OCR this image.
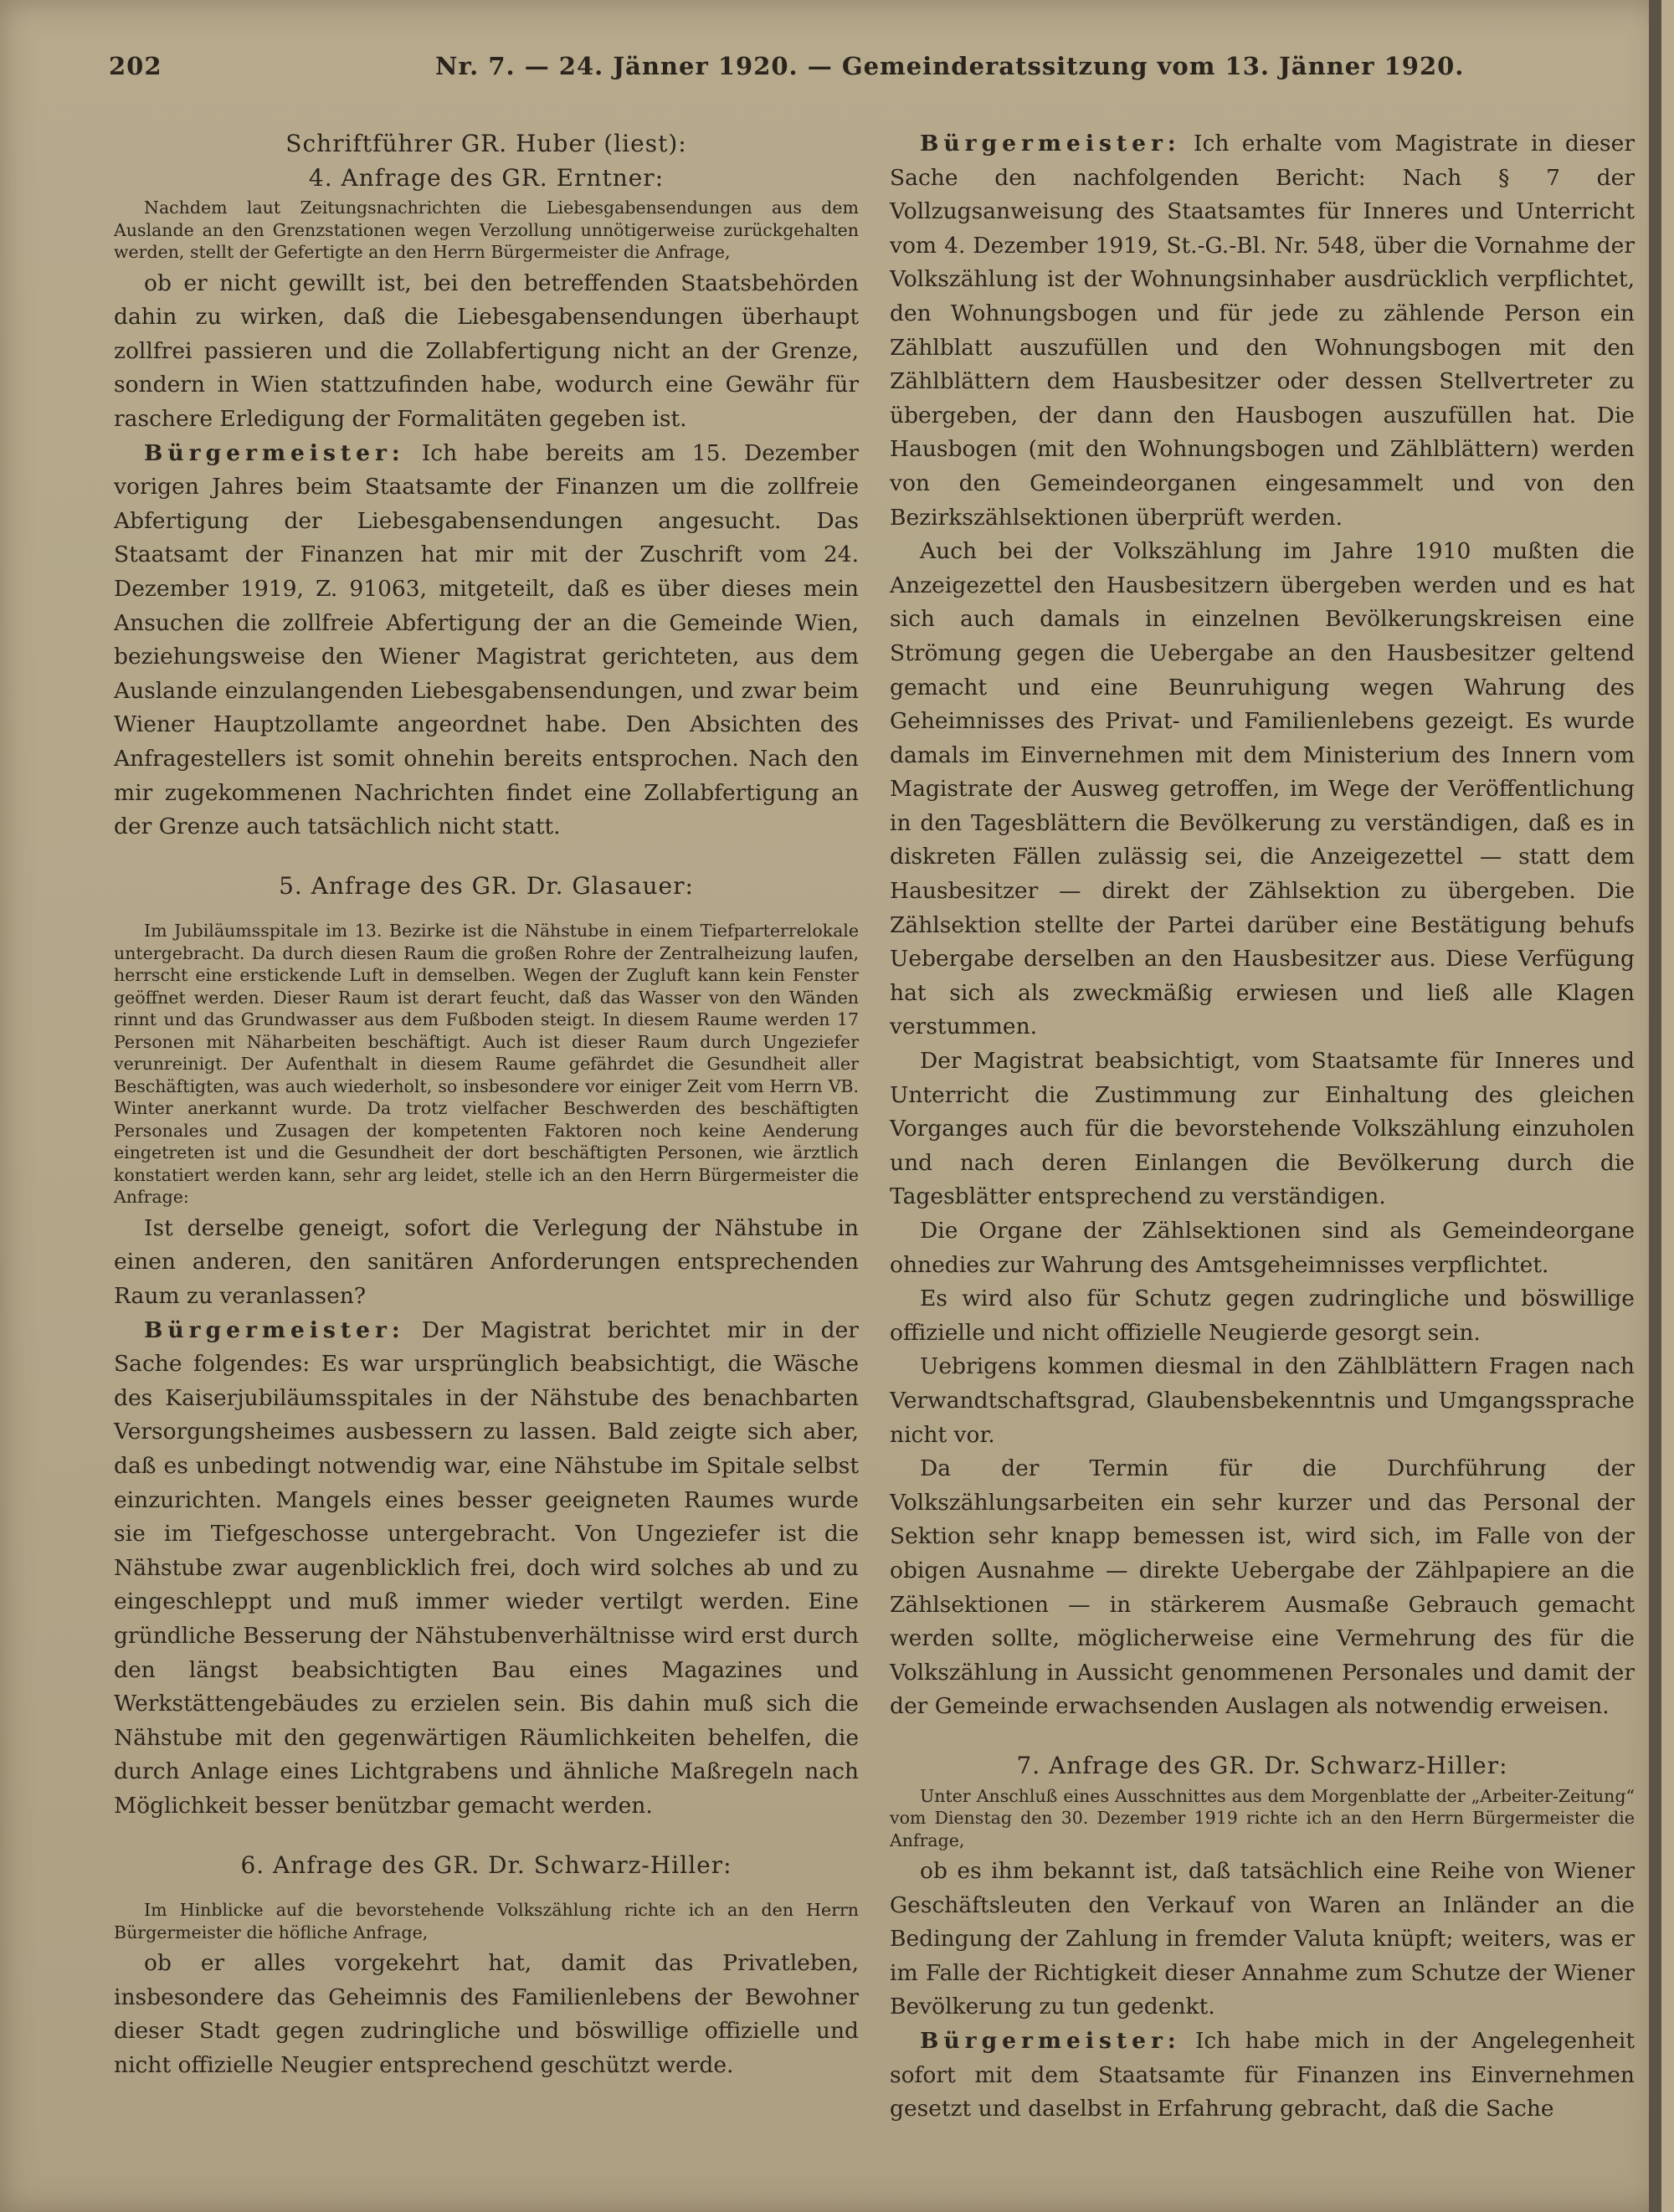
202	Nr. 7. — 24. Jänner 1920. — Gemeinderatssitzung vom 13. Jänner 1920.

Schriftführer GR. Huber (liest):

4. Anfrage des GR. Erntner:

Nachdem laut Zeitungsnachrichten die Liebesgabensendungen aus dem Auslande an den Grenzstationen wegen Verzollung unnötigerweise zurückgehalten werden, stellt der Gefertigte an den Herrn Bürgermeister die Anfrage,

ob er nicht gewillt ist, bei den betreffenden Staatsbehörden dahin zu wirken, daß die Liebesgabensendungen überhaupt zollfrei passieren und die Zollabfertigung nicht an der Grenze, sondern in Wien stattzufinden habe, wodurch eine Gewähr für raschere Erledigung der Formalitäten gegeben ist.

Bürgermeister: Ich habe bereits am 15. Dezember vorigen Jahres beim Staatsamte der Finanzen um die zollfreie Abfertigung der Liebesgabensendungen angesucht. Das Staatsamt der Finanzen hat mir mit der Zuschrift vom 24. Dezember 1919, Z. 91063, mitgeteilt, daß es über dieses mein Ansuchen die zollfreie Abfertigung der an die Gemeinde Wien, beziehungsweise den Wiener Magistrat gerichteten, aus dem Auslande einzulangenden Liebesgabensendungen, und zwar beim Wiener Hauptzollamte angeordnet habe. Den Absichten des Anfragestellers ist somit ohnehin bereits entsprochen. Nach den mir zugekommenen Nachrichten findet eine Zollabfertigung an der Grenze auch tatsächlich nicht statt.

5. Anfrage des GR. Dr. Glasauer:

Im Jubiläumsspitale im 13. Bezirke ist die Nähstube in einem Tiefparterrelokale untergebracht. Da durch diesen Raum die großen Rohre der Zentralheizung laufen, herrscht eine erstickende Luft in demselben. Wegen der Zugluft kann kein Fenster geöffnet werden. Dieser Raum ist derart feucht, daß das Wasser von den Wänden rinnt und das Grundwasser aus dem Fußboden steigt. In diesem Raume werden 17 Personen mit Näharbeiten beschäftigt. Auch ist dieser Raum durch Ungeziefer verunreinigt. Der Aufenthalt in diesem Raume gefährdet die Gesundheit aller Beschäftigten, was auch wiederholt, so insbesondere vor einiger Zeit vom Herrn VB. Winter anerkannt wurde. Da trotz vielfacher Beschwerden des beschäftigten Personales und Zusagen der kompetenten Faktoren noch keine Aenderung eingetreten ist und die Gesundheit der dort beschäftigten Personen, wie ärztlich konstatiert werden kann, sehr arg leidet, stelle ich an den Herrn Bürgermeister die Anfrage:

Ist derselbe geneigt, sofort die Verlegung der Nähstube in einen anderen, den sanitären Anforderungen entsprechenden Raum zu veranlassen?

Bürgermeister: Der Magistrat berichtet mir in der Sache folgendes: Es war ursprünglich beabsichtigt, die Wäsche des Kaiserjubiläumsspitales in der Nähstube des benachbarten Versorgungsheimes ausbessern zu lassen. Bald zeigte sich aber, daß es unbedingt notwendig war, eine Nähstube im Spitale selbst einzurichten. Mangels eines besser geeigneten Raumes wurde sie im Tiefgeschosse untergebracht. Von Ungeziefer ist die Nähstube zwar augenblicklich frei, doch wird solches ab und zu eingeschleppt und muß immer wieder vertilgt werden. Eine gründliche Besserung der Nähstubenverhältnisse wird erst durch den längst beabsichtigten Bau eines Magazines und Werkstättengebäudes zu erzielen sein. Bis dahin muß sich die Nähstube mit den gegenwärtigen Räumlichkeiten behelfen, die durch Anlage eines Lichtgrabens und ähnliche Maßregeln nach Möglichkeit besser benützbar gemacht werden.

6. Anfrage des GR. Dr. Schwarz-Hiller:

Im Hinblicke auf die bevorstehende Volkszählung richte ich an den Herrn Bürgermeister die höfliche Anfrage,

ob er alles vorgekehrt hat, damit das Privatleben, insbesondere das Geheimnis des Familienlebens der Bewohner dieser Stadt gegen zudringliche und böswillige offizielle und nicht offizielle Neugier entsprechend geschützt werde.

Bürgermeister: Ich erhalte vom Magistrate in dieser Sache den nachfolgenden Bericht: Nach § 7 der Vollzugsanweisung des Staatsamtes für Inneres und Unterricht vom 4. Dezember 1919, St.-G.-Bl. Nr. 548, über die Vornahme der Volkszählung ist der Wohnungsinhaber ausdrücklich verpflichtet, den Wohnungsbogen und für jede zu zählende Person ein Zählblatt auszufüllen und den Wohnungsbogen mit den Zählblättern dem Hausbesitzer oder dessen Stellvertreter zu übergeben, der dann den Hausbogen auszufüllen hat. Die Hausbogen (mit den Wohnungsbogen und Zählblättern) werden von den Gemeindeorganen eingesammelt und von den Bezirkszählsektionen überprüft werden.

Auch bei der Volkszählung im Jahre 1910 mußten die Anzeigezettel den Hausbesitzern übergeben werden und es hat sich auch damals in einzelnen Bevölkerungskreisen eine Strömung gegen die Uebergabe an den Hausbesitzer geltend gemacht und eine Beunruhigung wegen Wahrung des Geheimnisses des Privat- und Familienlebens gezeigt. Es wurde damals im Einvernehmen mit dem Ministerium des Innern vom Magistrate der Ausweg getroffen, im Wege der Veröffentlichung in den Tagesblättern die Bevölkerung zu verständigen, daß es in diskreten Fällen zulässig sei, die Anzeigezettel — statt dem Hausbesitzer — direkt der Zählsektion zu übergeben. Die Zählsektion stellte der Partei darüber eine Bestätigung behufs Uebergabe derselben an den Hausbesitzer aus. Diese Verfügung hat sich als zweckmäßig erwiesen und ließ alle Klagen verstummen.

Der Magistrat beabsichtigt, vom Staatsamte für Inneres und Unterricht die Zustimmung zur Einhaltung des gleichen Vorganges auch für die bevorstehende Volkszählung einzuholen und nach deren Einlangen die Bevölkerung durch die Tagesblätter entsprechend zu verständigen.

Die Organe der Zählsektionen sind als Gemeindeorgane ohnedies zur Wahrung des Amtsgeheimnisses verpflichtet.

Es wird also für Schutz gegen zudringliche und böswillige offizielle und nicht offizielle Neugierde gesorgt sein.

Uebrigens kommen diesmal in den Zählblättern Fragen nach Verwandtschaftsgrad, Glaubensbekenntnis und Umgangssprache nicht vor.

Da der Termin für die Durchführung der Volkszählungsarbeiten ein sehr kurzer und das Personal der Sektion sehr knapp bemessen ist, wird sich, im Falle von der obigen Ausnahme — direkte Uebergabe der Zählpapiere an die Zählsektionen — in stärkerem Ausmaße Gebrauch gemacht werden sollte, möglicherweise eine Vermehrung des für die Volkszählung in Aussicht genommenen Personales und damit der der Gemeinde erwachsenden Auslagen als notwendig erweisen.

7. Anfrage des GR. Dr. Schwarz-Hiller:

Unter Anschluß eines Ausschnittes aus dem Morgenblatte der „Arbeiter-Zeitung“ vom Dienstag den 30. Dezember 1919 richte ich an den Herrn Bürgermeister die Anfrage,

ob es ihm bekannt ist, daß tatsächlich eine Reihe von Wiener Geschäftsleuten den Verkauf von Waren an Inländer an die Bedingung der Zahlung in fremder Valuta knüpft; weiters, was er im Falle der Richtigkeit dieser Annahme zum Schutze der Wiener Bevölkerung zu tun gedenkt.

Bürgermeister: Ich habe mich in der Angelegenheit sofort mit dem Staatsamte für Finanzen ins Einvernehmen gesetzt und daselbst in Erfahrung gebracht, daß die Sache
